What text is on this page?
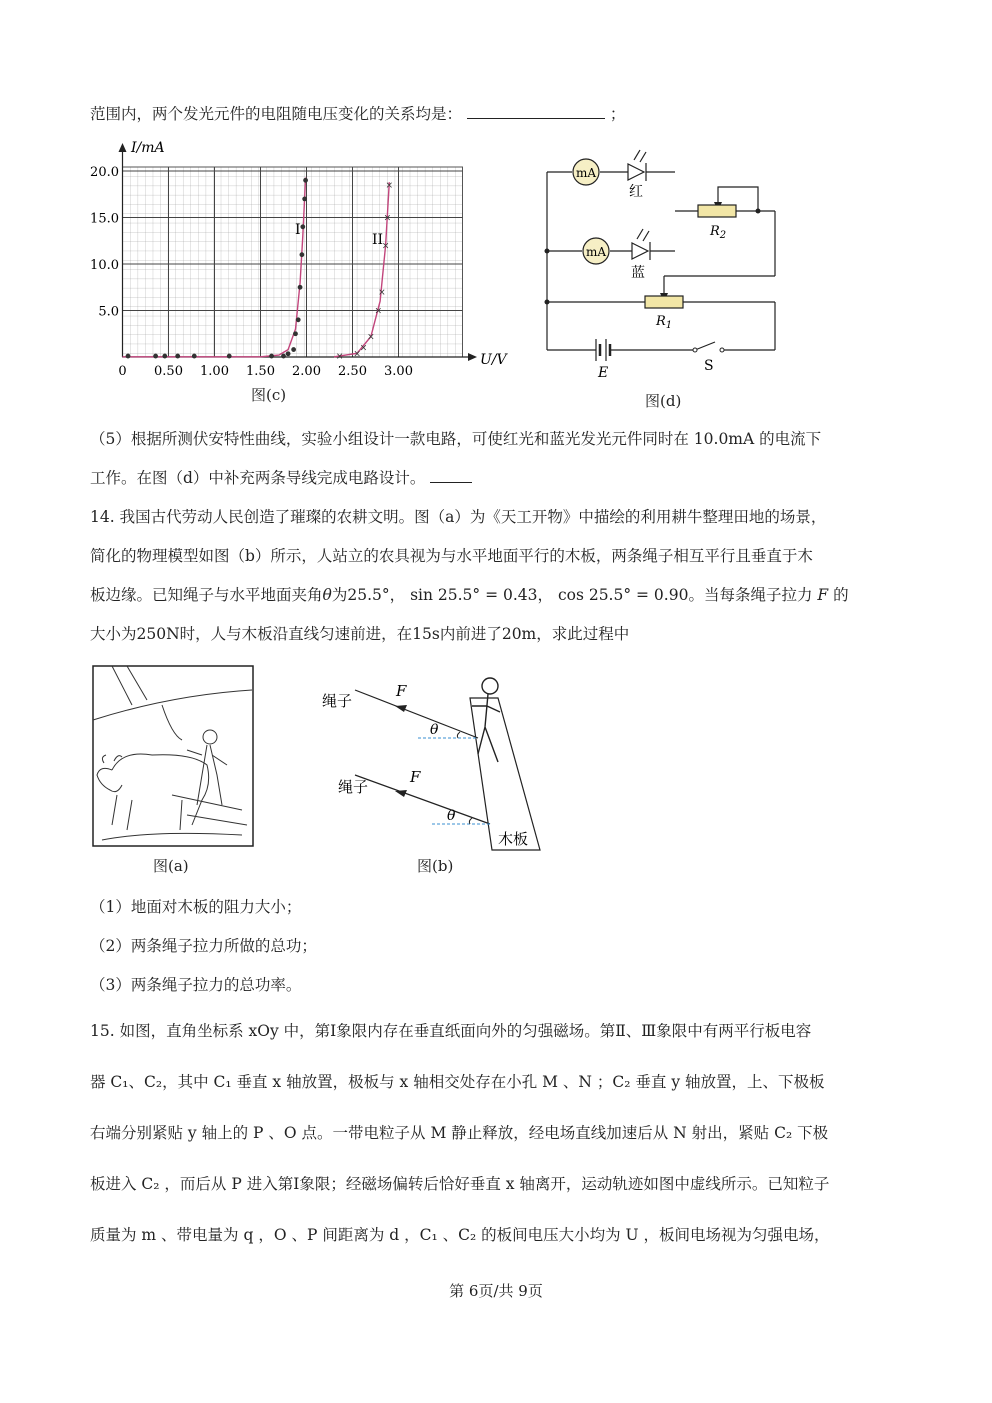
范围内，两个发光元件的电阻随电压变化的关系均是：	；
I/mA
U/V
20.0
15.0
10.0
5.0
0 0.50 1.00 1.50 2.00 2.50 3.00
× ×
×
×
×
×
×
×
×
I
II
图(c)
mA
mA
红
蓝
$R_2$
$R_1$
E	S
图(d)
（5）根据所测伏安特性曲线，实验小组设计一款电路，可使红光和蓝光发光元件同时在 10.0mA 的电流下
工作。在图（d）中补充两条导线完成电路设计。
14. 我国古代劳动人民创造了璀璨的农耕文明。图（a）为《天工开物》中描绘的利用耕牛整理田地的场景，
简化的物理模型如图（b）所示，人站立的农具视为与水平地面平行的木板，两条绳子相互平行且垂直于木
板边缘。已知绳子与水平地面夹角θ为25.5°， sin 25.5° = 0.43， cos 25.5° = 0.90。当每条绳子拉力 F 的
大小为250N时，人与木板沿直线匀速前进，在15s内前进了20m，求此过程中
图(a)
绳子
绳子
F
F
θ
θ
木板
图(b)
（1）地面对木板的阻力大小；
（2）两条绳子拉力所做的总功；
（3）两条绳子拉力的总功率。
15. 如图，直角坐标系 xOy 中，第Ⅰ象限内存在垂直纸面向外的匀强磁场。第Ⅱ、Ⅲ象限中有两平行板电容
器 C₁、C₂，其中 C₁ 垂直 x 轴放置，极板与 x 轴相交处存在小孔 M 、N ；C₂ 垂直 y 轴放置，上、下极板
右端分别紧贴 y 轴上的 P 、O 点。一带电粒子从 M 静止释放，经电场直线加速后从 N 射出，紧贴 C₂ 下极
板进入 C₂ ，而后从 P 进入第Ⅰ象限；经磁场偏转后恰好垂直 x 轴离开，运动轨迹如图中虚线所示。已知粒子
质量为 m 、带电量为 q ，O 、P 间距离为 d ，C₁ 、C₂ 的板间电压大小均为 U ，板间电场视为匀强电场，
第 6页/共 9页
